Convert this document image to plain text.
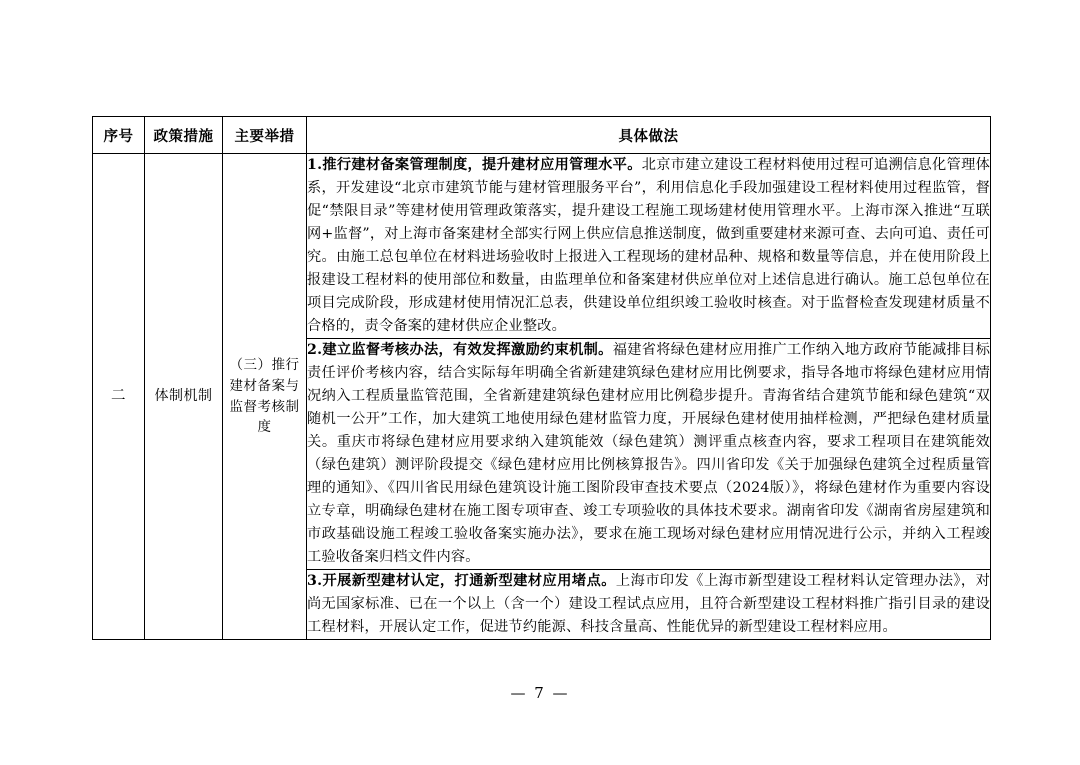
序号	政策措施	主要举措	具体做法
二	体制机制	（三）推行建材备案与监督考核制度	1.推行建材备案管理制度，提升建材应用管理水平。北京市建立建设工程材料使用过程可追溯信息化管理体系，开发建设“北京市建筑节能与建材管理服务平台”，利用信息化手段加强建设工程材料使用过程监管，督促“禁限目录”等建材使用管理政策落实，提升建设工程施工现场建材使用管理水平。上海市深入推进“互联网+监督”，对上海市备案建材全部实行网上供应信息推送制度，做到重要建材来源可查、去向可追、责任可究。由施工总包单位在材料进场验收时上报进入工程现场的建材品种、规格和数量等信息，并在使用阶段上报建设工程材料的使用部位和数量，由监理单位和备案建材供应单位对上述信息进行确认。施工总包单位在项目完成阶段，形成建材使用情况汇总表，供建设单位组织竣工验收时核查。对于监督检查发现建材质量不合格的，责令备案的建材供应企业整改。

			2.建立监督考核办法，有效发挥激励约束机制。福建省将绿色建材应用推广工作纳入地方政府节能减排目标责任评价考核内容，结合实际每年明确全省新建建筑绿色建材应用比例要求，指导各地市将绿色建材应用情况纳入工程质量监管范围，全省新建建筑绿色建材应用比例稳步提升。青海省结合建筑节能和绿色建筑“双随机一公开”工作，加大建筑工地使用绿色建材监管力度，开展绿色建材使用抽样检测，严把绿色建材质量关。重庆市将绿色建材应用要求纳入建筑能效（绿色建筑）测评重点核查内容，要求工程项目在建筑能效（绿色建筑）测评阶段提交《绿色建材应用比例核算报告》。四川省印发《关于加强绿色建筑全过程质量管理的通知》、《四川省民用绿色建筑设计施工图阶段审查技术要点（2024版）》，将绿色建材作为重要内容设立专章，明确绿色建材在施工图专项审查、竣工专项验收的具体技术要求。湖南省印发《湖南省房屋建筑和市政基础设施工程竣工验收备案实施办法》，要求在施工现场对绿色建材应用情况进行公示，并纳入工程竣工验收备案归档文件内容。

			3.开展新型建材认定，打通新型建材应用堵点。上海市印发《上海市新型建设工程材料认定管理办法》，对尚无国家标准、已在一个以上（含一个）建设工程试点应用，且符合新型建设工程材料推广指引目录的建设工程材料，开展认定工作，促进节约能源、科技含量高、性能优异的新型建设工程材料应用。

— 7 —
